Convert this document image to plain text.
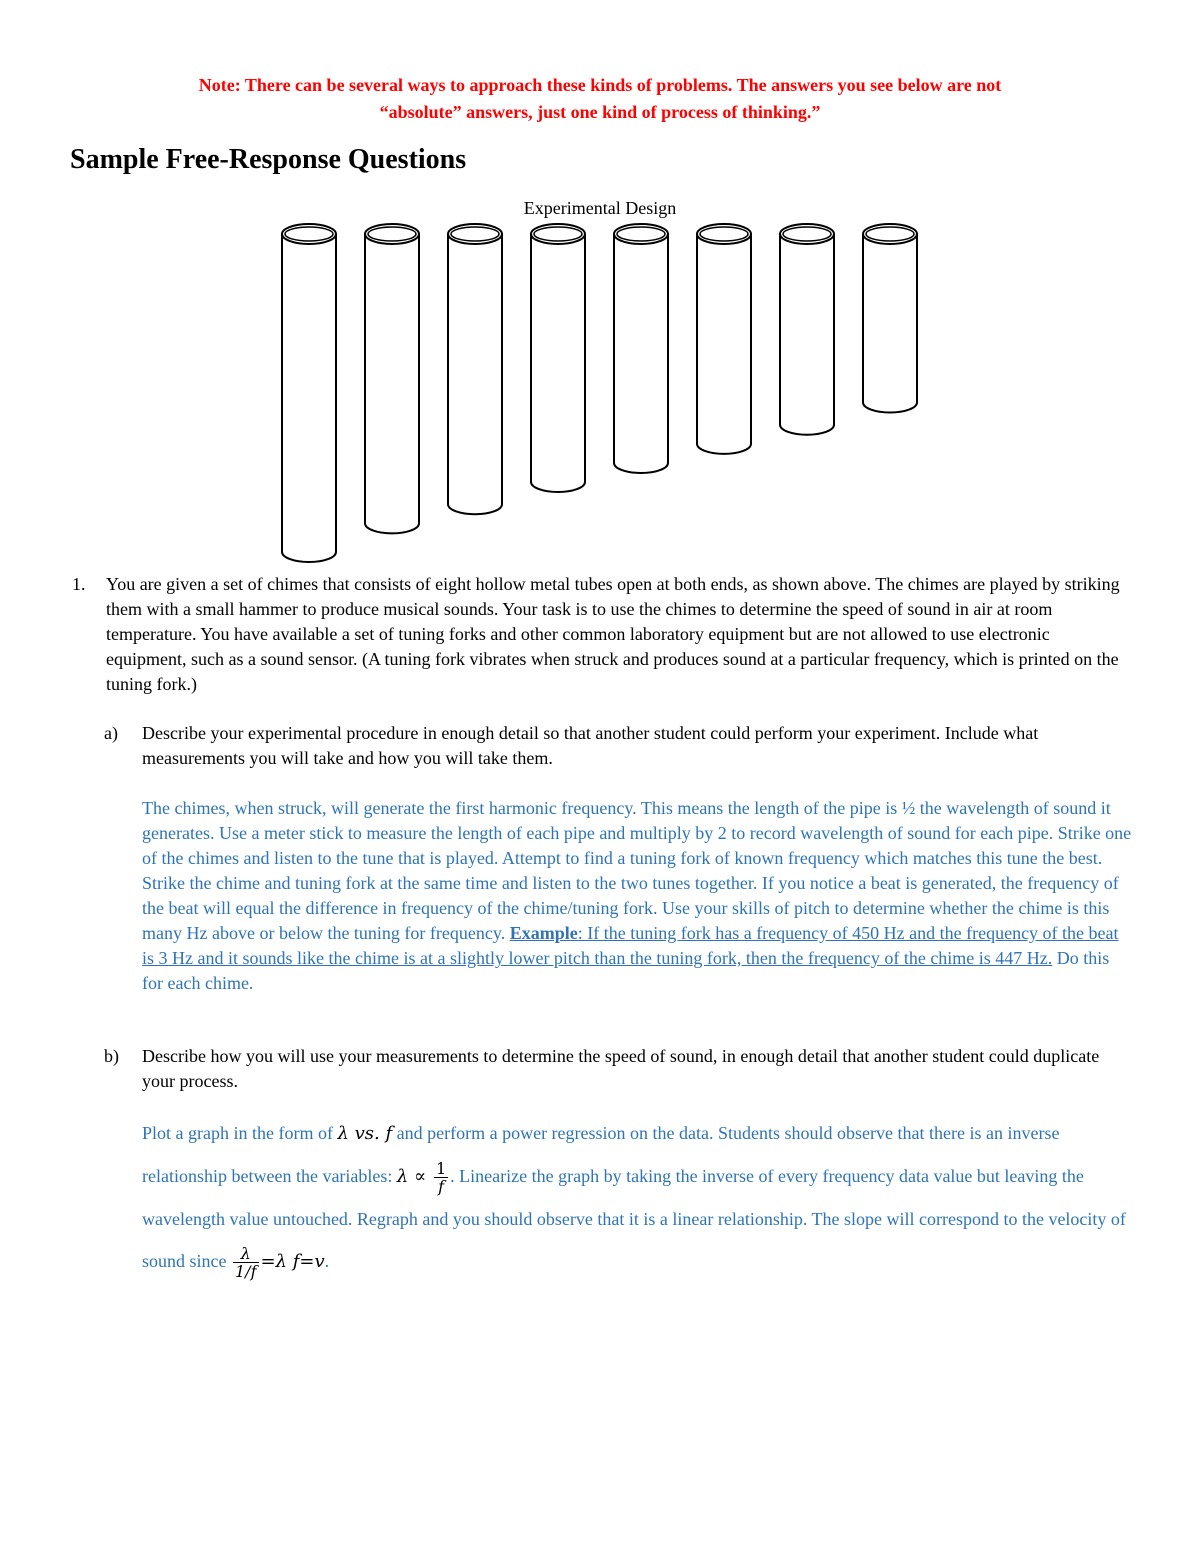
Note: There can be several ways to approach these kinds of problems. The answers you see below are not
“absolute” answers, just one kind of process of thinking.”
Sample Free-Response Questions
Experimental Design
1. You are given a set of chimes that consists of eight hollow metal tubes open at both ends, as shown above. The chimes are played by striking them with a small hammer to produce musical sounds. Your task is to use the chimes to determine the speed of sound in air at room temperature. You have available a set of tuning forks and other common laboratory equipment but are not allowed to use electronic equipment, such as a sound sensor. (A tuning fork vibrates when struck and produces sound at a particular frequency, which is printed on the tuning fork.)
a) Describe your experimental procedure in enough detail so that another student could perform your experiment. Include what measurements you will take and how you will take them.
The chimes, when struck, will generate the first harmonic frequency. This means the length of the pipe is ½ the wavelength of sound it generates. Use a meter stick to measure the length of each pipe and multiply by 2 to record wavelength of sound for each pipe. Strike one of the chimes and listen to the tune that is played. Attempt to find a tuning fork of known frequency which matches this tune the best. Strike the chime and tuning fork at the same time and listen to the two tunes together. If you notice a beat is generated, the frequency of the beat will equal the difference in frequency of the chime/tuning fork. Use your skills of pitch to determine whether the chime is this many Hz above or below the tuning for frequency. Example: If the tuning fork has a frequency of 450 Hz and the frequency of the beat is 3 Hz and it sounds like the chime is at a slightly lower pitch than the tuning fork, then the frequency of the chime is 447 Hz. Do this for each chime.
b) Describe how you will use your measurements to determine the speed of sound, in enough detail that another student could duplicate your process.
Plot a graph in the form of λ vs. f and perform a power regression on the data. Students should observe that there is an inverse relationship between the variables: $\lambda \propto \frac{1}{f}$ . Linearize the graph by taking the inverse of every frequency data value but leaving the wavelength value untouched. Regraph and you should observe that it is a linear relationship. The slope will correspond to the velocity of sound since $\frac{\lambda}{1/f} =\lambda$ f=v.
